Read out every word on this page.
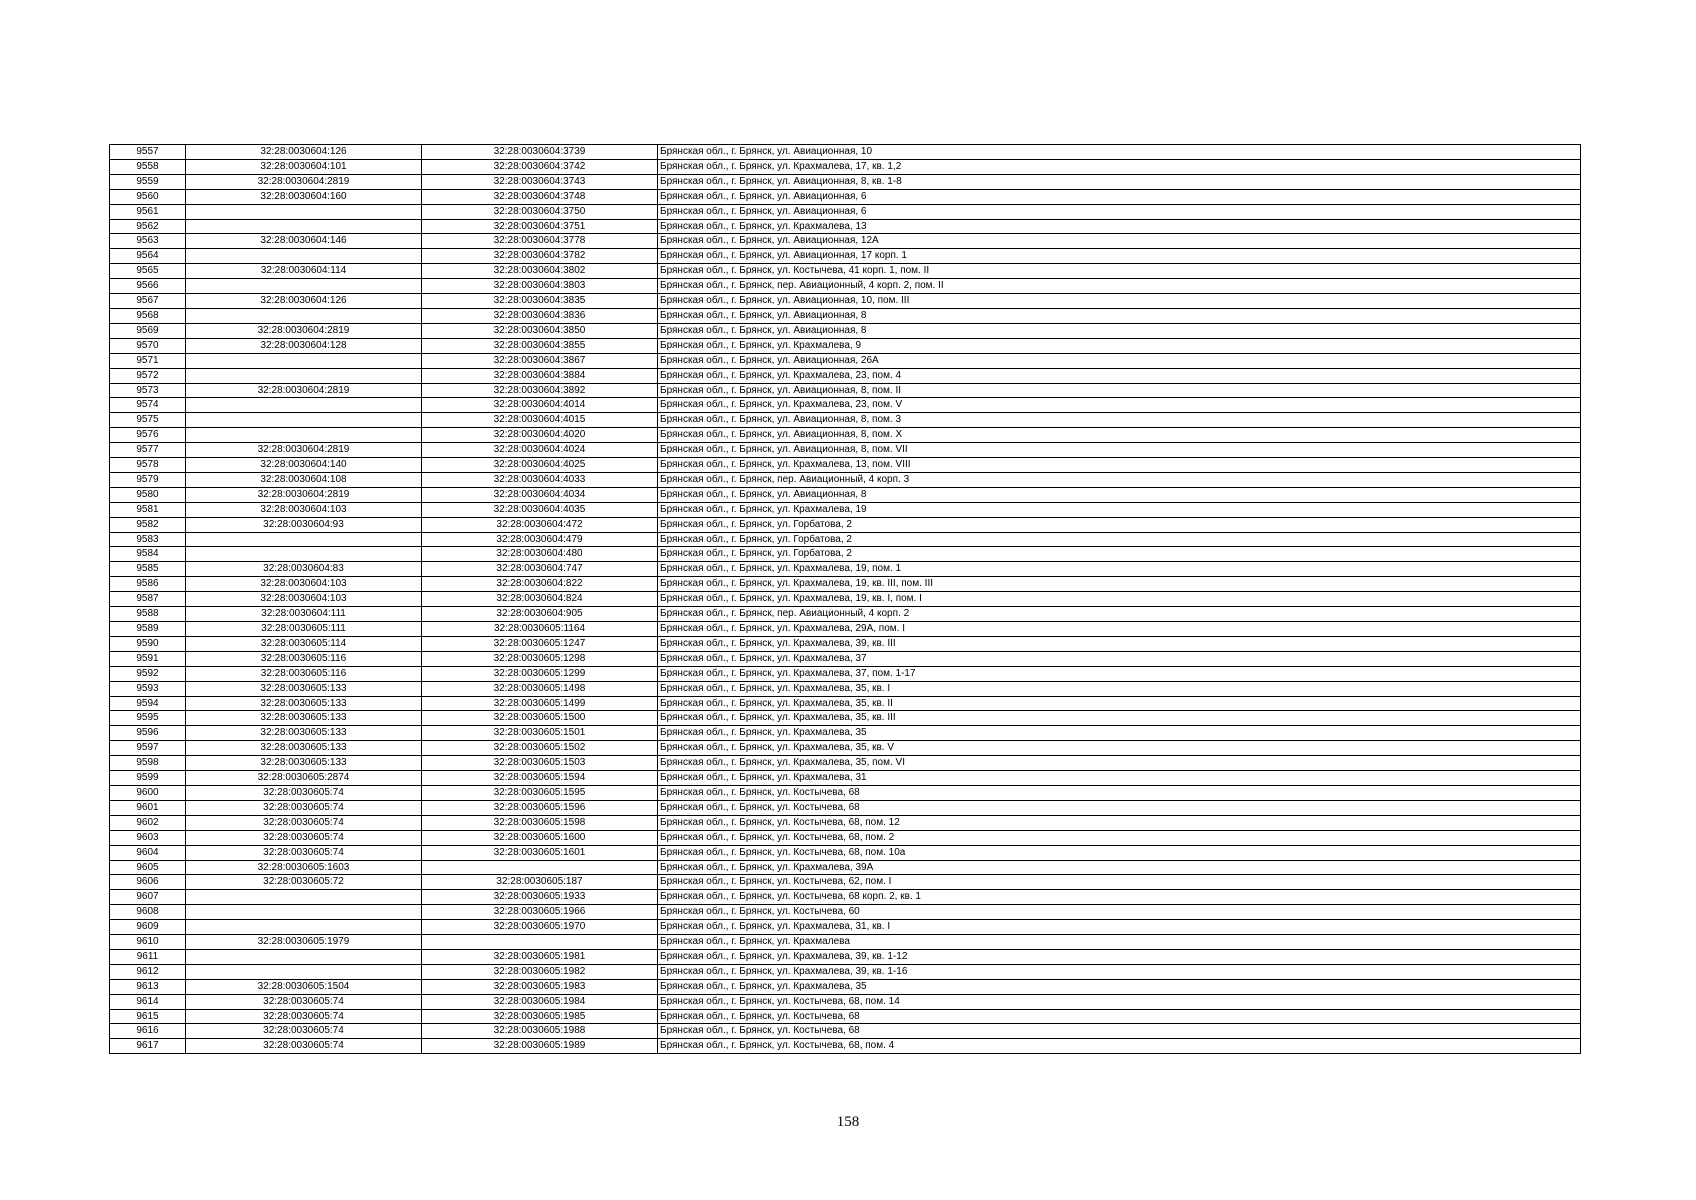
9557	32:28:0030604:126	32:28:0030604:3739	Брянская обл., г. Брянск, ул. Авиационная, 10
9558	32:28:0030604:101	32:28:0030604:3742	Брянская обл., г. Брянск, ул. Крахмалева, 17, кв. 1,2
9559	32:28:0030604:2819	32:28:0030604:3743	Брянская обл., г. Брянск, ул. Авиационная, 8, кв. 1-8
9560	32:28:0030604:160	32:28:0030604:3748	Брянская обл., г. Брянск, ул. Авиационная, 6
9561		32:28:0030604:3750	Брянская обл., г. Брянск, ул. Авиационная, 6
9562		32:28:0030604:3751	Брянская обл., г. Брянск, ул. Крахмалева, 13
9563	32:28:0030604:146	32:28:0030604:3778	Брянская обл., г. Брянск, ул. Авиационная, 12А
9564		32:28:0030604:3782	Брянская обл., г. Брянск, ул. Авиационная, 17 корп. 1
9565	32:28:0030604:114	32:28:0030604:3802	Брянская обл., г. Брянск, ул. Костычева, 41 корп. 1, пом. II
9566		32:28:0030604:3803	Брянская обл., г. Брянск, пер. Авиационный, 4 корп. 2, пом. II
9567	32:28:0030604:126	32:28:0030604:3835	Брянская обл., г. Брянск, ул. Авиационная, 10, пом. III
9568		32:28:0030604:3836	Брянская обл., г. Брянск, ул. Авиационная, 8
9569	32:28:0030604:2819	32:28:0030604:3850	Брянская обл., г. Брянск, ул. Авиационная, 8
9570	32:28:0030604:128	32:28:0030604:3855	Брянская обл., г. Брянск, ул. Крахмалева, 9
9571		32:28:0030604:3867	Брянская обл., г. Брянск, ул. Авиационная, 26А
9572		32:28:0030604:3884	Брянская обл., г. Брянск, ул. Крахмалева, 23, пом. 4
9573	32:28:0030604:2819	32:28:0030604:3892	Брянская обл., г. Брянск, ул. Авиационная, 8, пом. II
9574		32:28:0030604:4014	Брянская обл., г. Брянск, ул. Крахмалева, 23, пом. V
9575		32:28:0030604:4015	Брянская обл., г. Брянск, ул. Авиационная, 8, пом. 3
9576		32:28:0030604:4020	Брянская обл., г. Брянск, ул. Авиационная, 8, пом. X
9577	32:28:0030604:2819	32:28:0030604:4024	Брянская обл., г. Брянск, ул. Авиационная, 8, пом. VII
9578	32:28:0030604:140	32:28:0030604:4025	Брянская обл., г. Брянск, ул. Крахмалева, 13, пом. VIII
9579	32:28:0030604:108	32:28:0030604:4033	Брянская обл., г. Брянск, пер. Авиационный, 4 корп. 3
9580	32:28:0030604:2819	32:28:0030604:4034	Брянская обл., г. Брянск, ул. Авиационная, 8
9581	32:28:0030604:103	32:28:0030604:4035	Брянская обл., г. Брянск, ул. Крахмалева, 19
9582	32:28:0030604:93	32:28:0030604:472	Брянская обл., г. Брянск, ул. Горбатова, 2
9583		32:28:0030604:479	Брянская обл., г. Брянск, ул. Горбатова, 2
9584		32:28:0030604:480	Брянская обл., г. Брянск, ул. Горбатова, 2
9585	32:28:0030604:83	32:28:0030604:747	Брянская обл., г. Брянск, ул. Крахмалева, 19, пом. 1
9586	32:28:0030604:103	32:28:0030604:822	Брянская обл., г. Брянск, ул. Крахмалева, 19, кв. III, пом. III
9587	32:28:0030604:103	32:28:0030604:824	Брянская обл., г. Брянск, ул. Крахмалева, 19, кв. I, пом. I
9588	32:28:0030604:111	32:28:0030604:905	Брянская обл., г. Брянск, пер. Авиационный, 4 корп. 2
9589	32:28:0030605:111	32:28:0030605:1164	Брянская обл., г. Брянск, ул. Крахмалева, 29А, пом. I
9590	32:28:0030605:114	32:28:0030605:1247	Брянская обл., г. Брянск, ул. Крахмалева, 39, кв. III
9591	32:28:0030605:116	32:28:0030605:1298	Брянская обл., г. Брянск, ул. Крахмалева, 37
9592	32:28:0030605:116	32:28:0030605:1299	Брянская обл., г. Брянск, ул. Крахмалева, 37, пом. 1-17
9593	32:28:0030605:133	32:28:0030605:1498	Брянская обл., г. Брянск, ул. Крахмалева, 35, кв. I
9594	32:28:0030605:133	32:28:0030605:1499	Брянская обл., г. Брянск, ул. Крахмалева, 35, кв. II
9595	32:28:0030605:133	32:28:0030605:1500	Брянская обл., г. Брянск, ул. Крахмалева, 35, кв. III
9596	32:28:0030605:133	32:28:0030605:1501	Брянская обл., г. Брянск, ул. Крахмалева, 35
9597	32:28:0030605:133	32:28:0030605:1502	Брянская обл., г. Брянск, ул. Крахмалева, 35, кв. V
9598	32:28:0030605:133	32:28:0030605:1503	Брянская обл., г. Брянск, ул. Крахмалева, 35, пом. VI
9599	32:28:0030605:2874	32:28:0030605:1594	Брянская обл., г. Брянск, ул. Крахмалева, 31
9600	32:28:0030605:74	32:28:0030605:1595	Брянская обл., г. Брянск, ул. Костычева, 68
9601	32:28:0030605:74	32:28:0030605:1596	Брянская обл., г. Брянск, ул. Костычева, 68
9602	32:28:0030605:74	32:28:0030605:1598	Брянская обл., г. Брянск, ул. Костычева, 68, пом. 12
9603	32:28:0030605:74	32:28:0030605:1600	Брянская обл., г. Брянск, ул. Костычева, 68, пом. 2
9604	32:28:0030605:74	32:28:0030605:1601	Брянская обл., г. Брянск, ул. Костычева, 68, пом. 10а
9605	32:28:0030605:1603		Брянская обл., г. Брянск, ул. Крахмалева, 39А
9606	32:28:0030605:72	32:28:0030605:187	Брянская обл., г. Брянск, ул. Костычева, 62, пом. I
9607		32:28:0030605:1933	Брянская обл., г. Брянск, ул. Костычева, 68 корп. 2, кв. 1
9608		32:28:0030605:1966	Брянская обл., г. Брянск, ул. Костычева, 60
9609		32:28:0030605:1970	Брянская обл., г. Брянск, ул. Крахмалева, 31, кв. I
9610	32:28:0030605:1979		Брянская обл., г. Брянск, ул. Крахмалева
9611		32:28:0030605:1981	Брянская обл., г. Брянск, ул. Крахмалева, 39, кв. 1-12
9612		32:28:0030605:1982	Брянская обл., г. Брянск, ул. Крахмалева, 39, кв. 1-16
9613	32:28:0030605:1504	32:28:0030605:1983	Брянская обл., г. Брянск, ул. Крахмалева, 35
9614	32:28:0030605:74	32:28:0030605:1984	Брянская обл., г. Брянск, ул. Костычева, 68, пом. 14
9615	32:28:0030605:74	32:28:0030605:1985	Брянская обл., г. Брянск, ул. Костычева, 68
9616	32:28:0030605:74	32:28:0030605:1988	Брянская обл., г. Брянск, ул. Костычева, 68
9617	32:28:0030605:74	32:28:0030605:1989	Брянская обл., г. Брянск, ул. Костычева, 68, пом. 4
158
